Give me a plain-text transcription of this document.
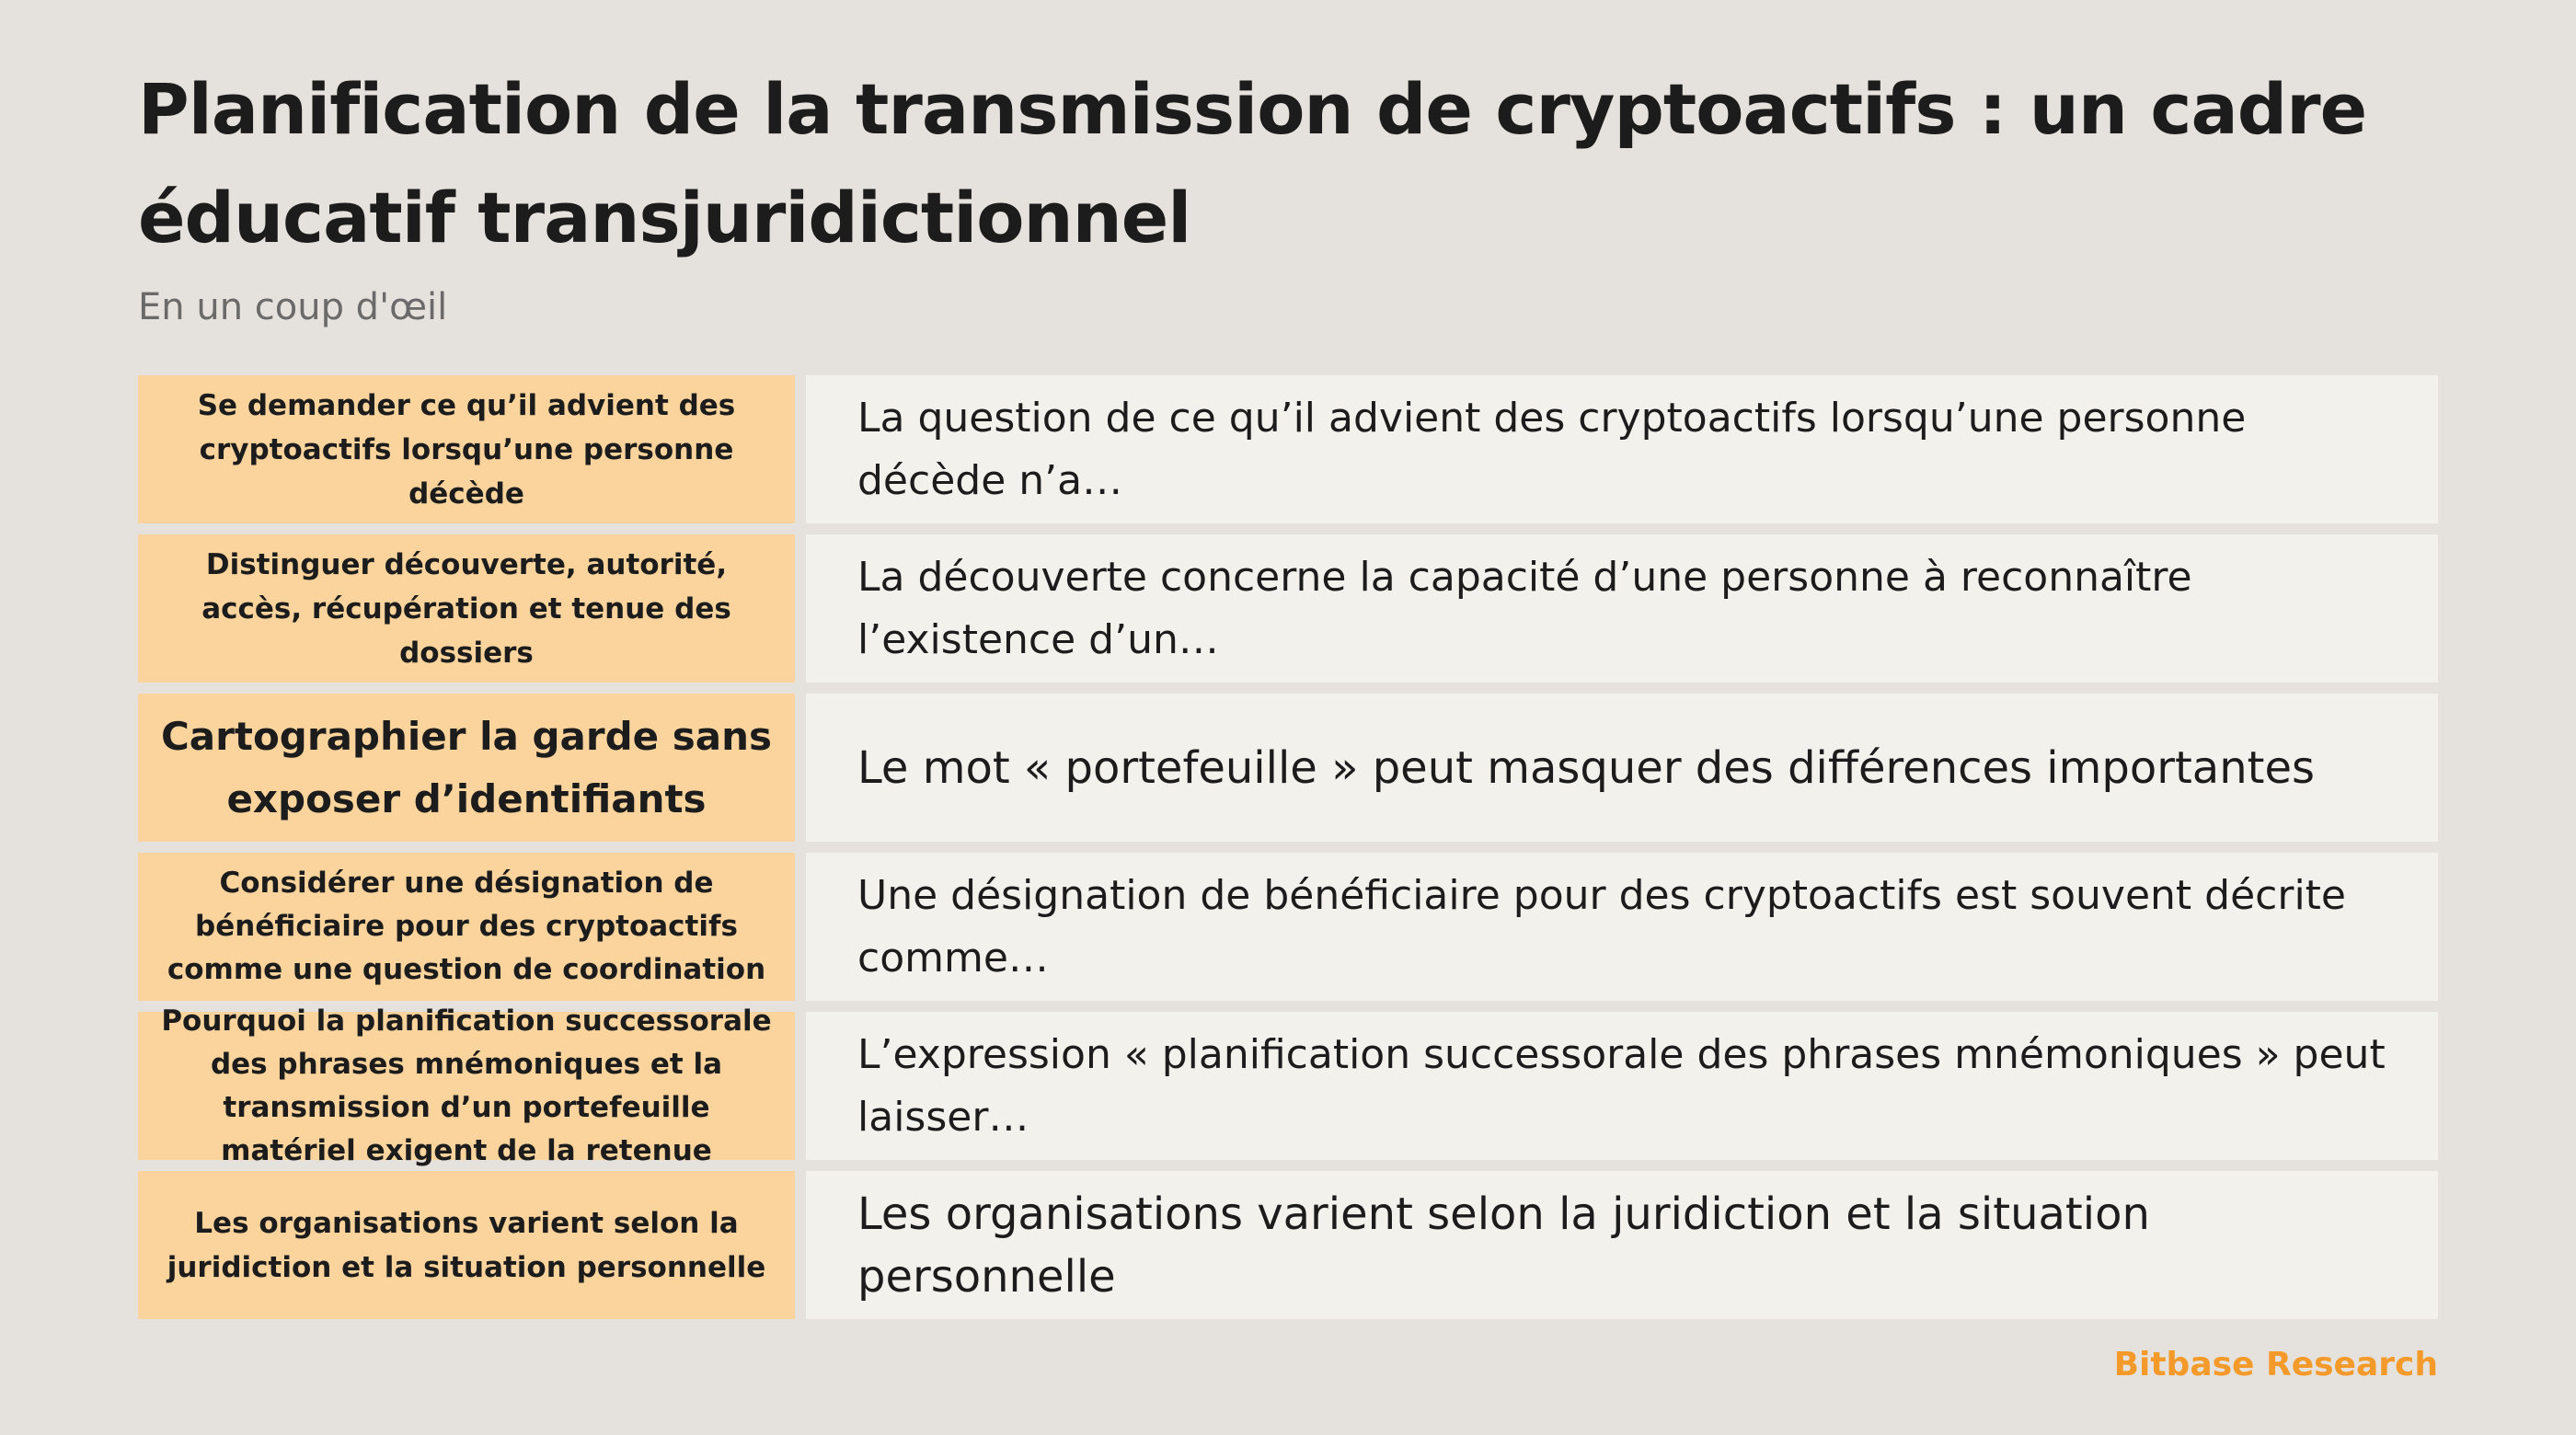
Planification de la transmission de cryptoactifs : un cadre éducatif transjuridictionnel

En un coup d'œil

Se demander ce qu’il advient des cryptoactifs lorsqu’une personne décède
La question de ce qu’il advient des cryptoactifs lorsqu’une personne décède n’a…
Distinguer découverte, autorité, accès, récupération et tenue des dossiers
La découverte concerne la capacité d’une personne à reconnaître l’existence d’un…
Cartographier la garde sans exposer d’identifiants
Le mot « portefeuille » peut masquer des différences importantes
Considérer une désignation de bénéficiaire pour des cryptoactifs comme une question de coordination
Une désignation de bénéficiaire pour des cryptoactifs est souvent décrite comme…
Pourquoi la planification successorale des phrases mnémoniques et la transmission d’un portefeuille matériel exigent de la retenue
L’expression « planification successorale des phrases mnémoniques » peut laisser…
Les organisations varient selon la juridiction et la situation personnelle
Les organisations varient selon la juridiction et la situation personnelle
Bitbase Research
